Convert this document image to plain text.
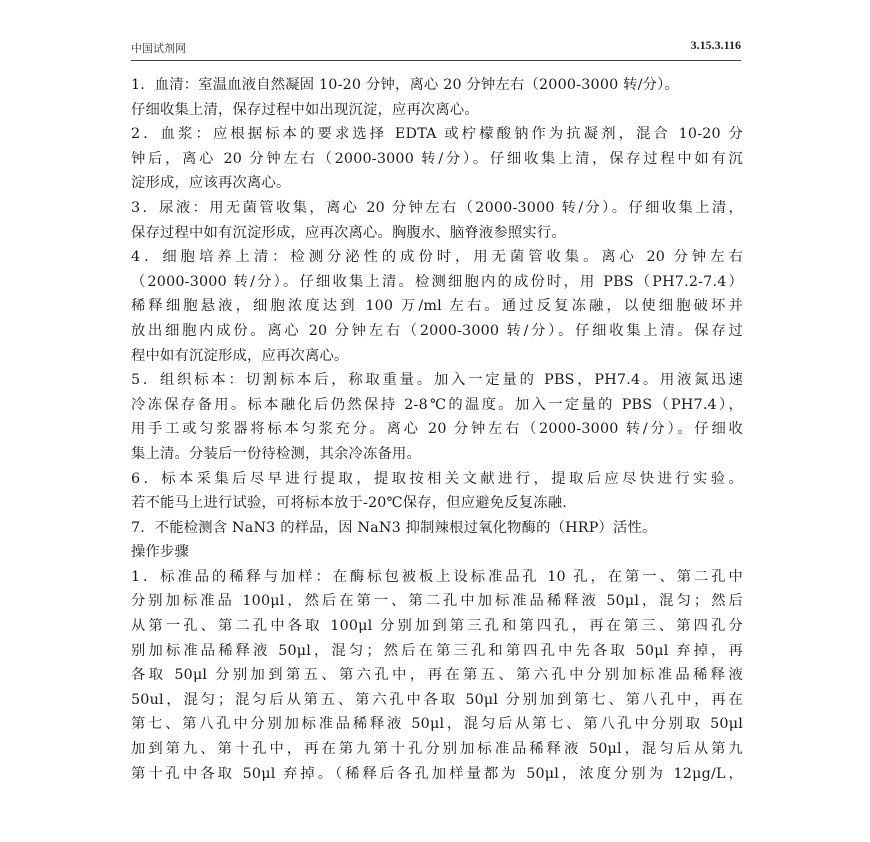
中国试剂网	3.15.3.116
1．血清：室温血液自然凝固 10-20 分钟，离心 20 分钟左右（2000-3000 转/分）。
仔细收集上清，保存过程中如出现沉淀，应再次离心。
2．血浆：应根据标本的要求选择 EDTA 或柠檬酸钠作为抗凝剂，混合 10-20 分
钟后，离心 20 分钟左右（2000-3000 转/分）。仔细收集上清，保存过程中如有沉
淀形成，应该再次离心。
3．尿液：用无菌管收集，离心 20 分钟左右（2000-3000 转/分）。仔细收集上清，
保存过程中如有沉淀形成，应再次离心。胸腹水、脑脊液参照实行。
4．细胞培养上清：检测分泌性的成份时，用无菌管收集。离心 20 分钟左右
（2000-3000 转/分）。仔细收集上清。检测细胞内的成份时，用 PBS（PH7.2-7.4）
稀释细胞悬液，细胞浓度达到 100 万/ml 左右。通过反复冻融，以使细胞破坏并
放出细胞内成份。离心 20 分钟左右（2000-3000 转/分）。仔细收集上清。保存过
程中如有沉淀形成，应再次离心。
5．组织标本：切割标本后，称取重量。加入一定量的 PBS，PH7.4。用液氮迅速
冷冻保存备用。标本融化后仍然保持 2-8℃的温度。加入一定量的 PBS（PH7.4），
用手工或匀浆器将标本匀浆充分。离心 20 分钟左右（2000-3000 转/分）。仔细收
集上清。分装后一份待检测，其余冷冻备用。
6．标本采集后尽早进行提取，提取按相关文献进行，提取后应尽快进行实验。
若不能马上进行试验，可将标本放于-20℃保存，但应避免反复冻融.
7．不能检测含 NaN3 的样品，因 NaN3 抑制辣根过氧化物酶的（HRP）活性。
操作步骤
1．标准品的稀释与加样：在酶标包被板上设标准品孔 10 孔，在第一、第二孔中
分别加标准品 100μl，然后在第一、第二孔中加标准品稀释液 50μl，混匀；然后
从第一孔、第二孔中各取 100μl 分别加到第三孔和第四孔，再在第三、第四孔分
别加标准品稀释液 50μl，混匀；然后在第三孔和第四孔中先各取 50μl 弃掉，再
各取 50μl 分别加到第五、第六孔中，再在第五、第六孔中分别加标准品稀释液
50ul，混匀；混匀后从第五、第六孔中各取 50μl 分别加到第七、第八孔中，再在
第七、第八孔中分别加标准品稀释液 50μl，混匀后从第七、第八孔中分别取 50μl
加到第九、第十孔中，再在第九第十孔分别加标准品稀释液 50μl，混匀后从第九
第十孔中各取 50μl 弃掉。（稀释后各孔加样量都为 50μl，浓度分别为 12μg/L，
